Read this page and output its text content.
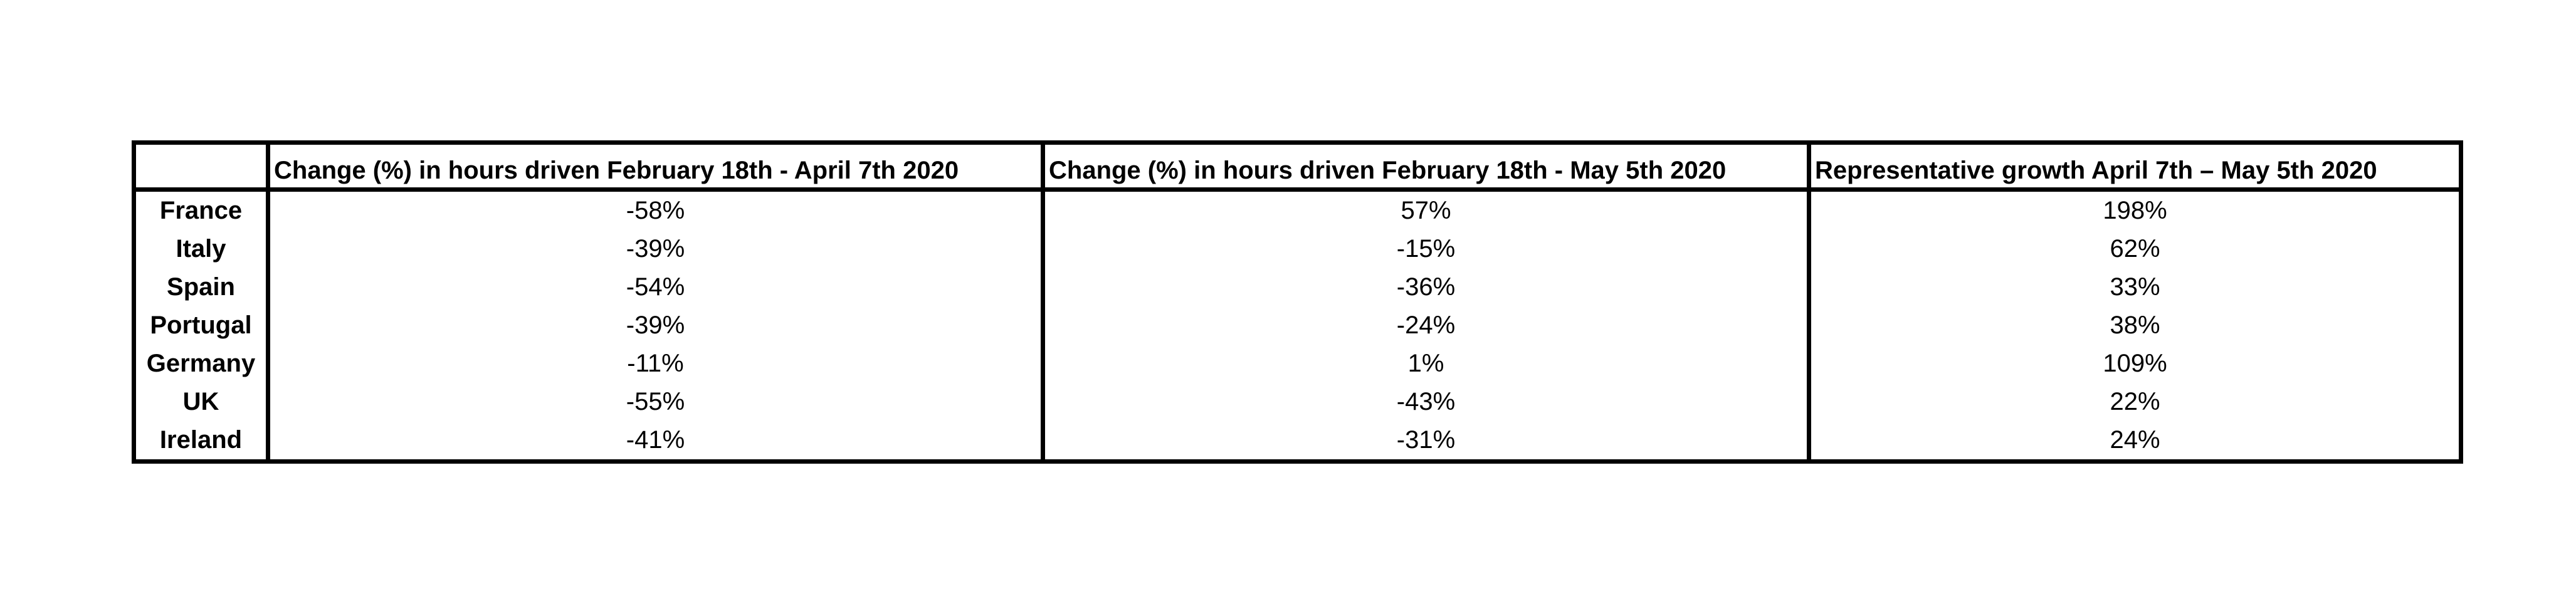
	Change (%) in hours driven February 18th - April 7th 2020	Change (%) in hours driven February 18th - May 5th 2020	Representative growth April 7th – May 5th 2020
France	-58%	57%	198%
Italy	-39%	-15%	62%
Spain	-54%	-36%	33%
Portugal	-39%	-24%	38%
Germany	-11%	1%	109%
UK	-55%	-43%	22%
Ireland	-41%	-31%	24%
